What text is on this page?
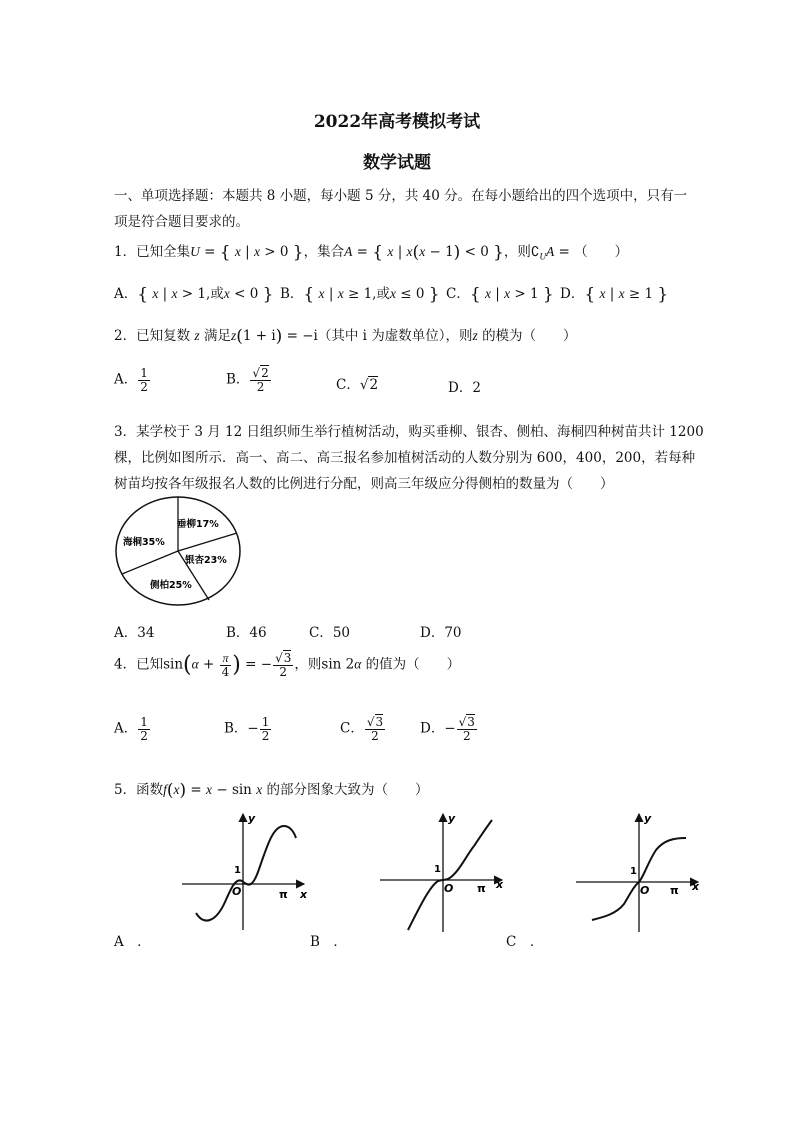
2022年高考模拟考试
数学试题
一、单项选择题：本题共 8 小题，每小题 5 分，共 40 分。在每小题给出的四个选项中，只有一
项是符合题目要求的。
1．已知全集U = { x | x > 0 }，集合A = { x | x(x − 1) < 0 }，则$∁_UA$ = （　　）
A．{ x | x > 1,或x < 0 } B．{ x | x ≥ 1,或x ≤ 0 } C．{ x | x > 1 } D．{ x | x ≥ 1 }
2．已知复数 z 满足z(1 + i) = −i（其中 i 为虚数单位），则z 的模为（　　）
A． $\frac{1}{2}$	B． $\frac{√2}{2}$	C．√2	D．2
3．某学校于 3 月 12 日组织师生举行植树活动，购买垂柳、银杏、侧柏、海桐四种树苗共计 1200
棵，比例如图所示．高一、高二、高三报名参加植树活动的人数分别为 600，400，200，若每种
树苗均按各年级报名人数的比例进行分配，则高三年级应分得侧柏的数量为（　　）
垂柳17%
银杏23%
侧柏25%
海桐35%
A．34	B．46	C．50	D．70
4．已知$\sin(\alpha + \frac{\pi}{4}$ ) = − $\frac{√3}{2}$ ，则sin 2α 的值为（　　）
A． $\frac{1}{2}$	B．− $\frac{1}{2}$	C． $\frac{√3}{2}$	D．− $\frac{√3}{2}$
5．函数f(x) = x − sin x 的部分图象大致为（　　）
y
x
1
O	π
y
x
1
O π
y
x
1
O π
A　．	B　．	C　．
